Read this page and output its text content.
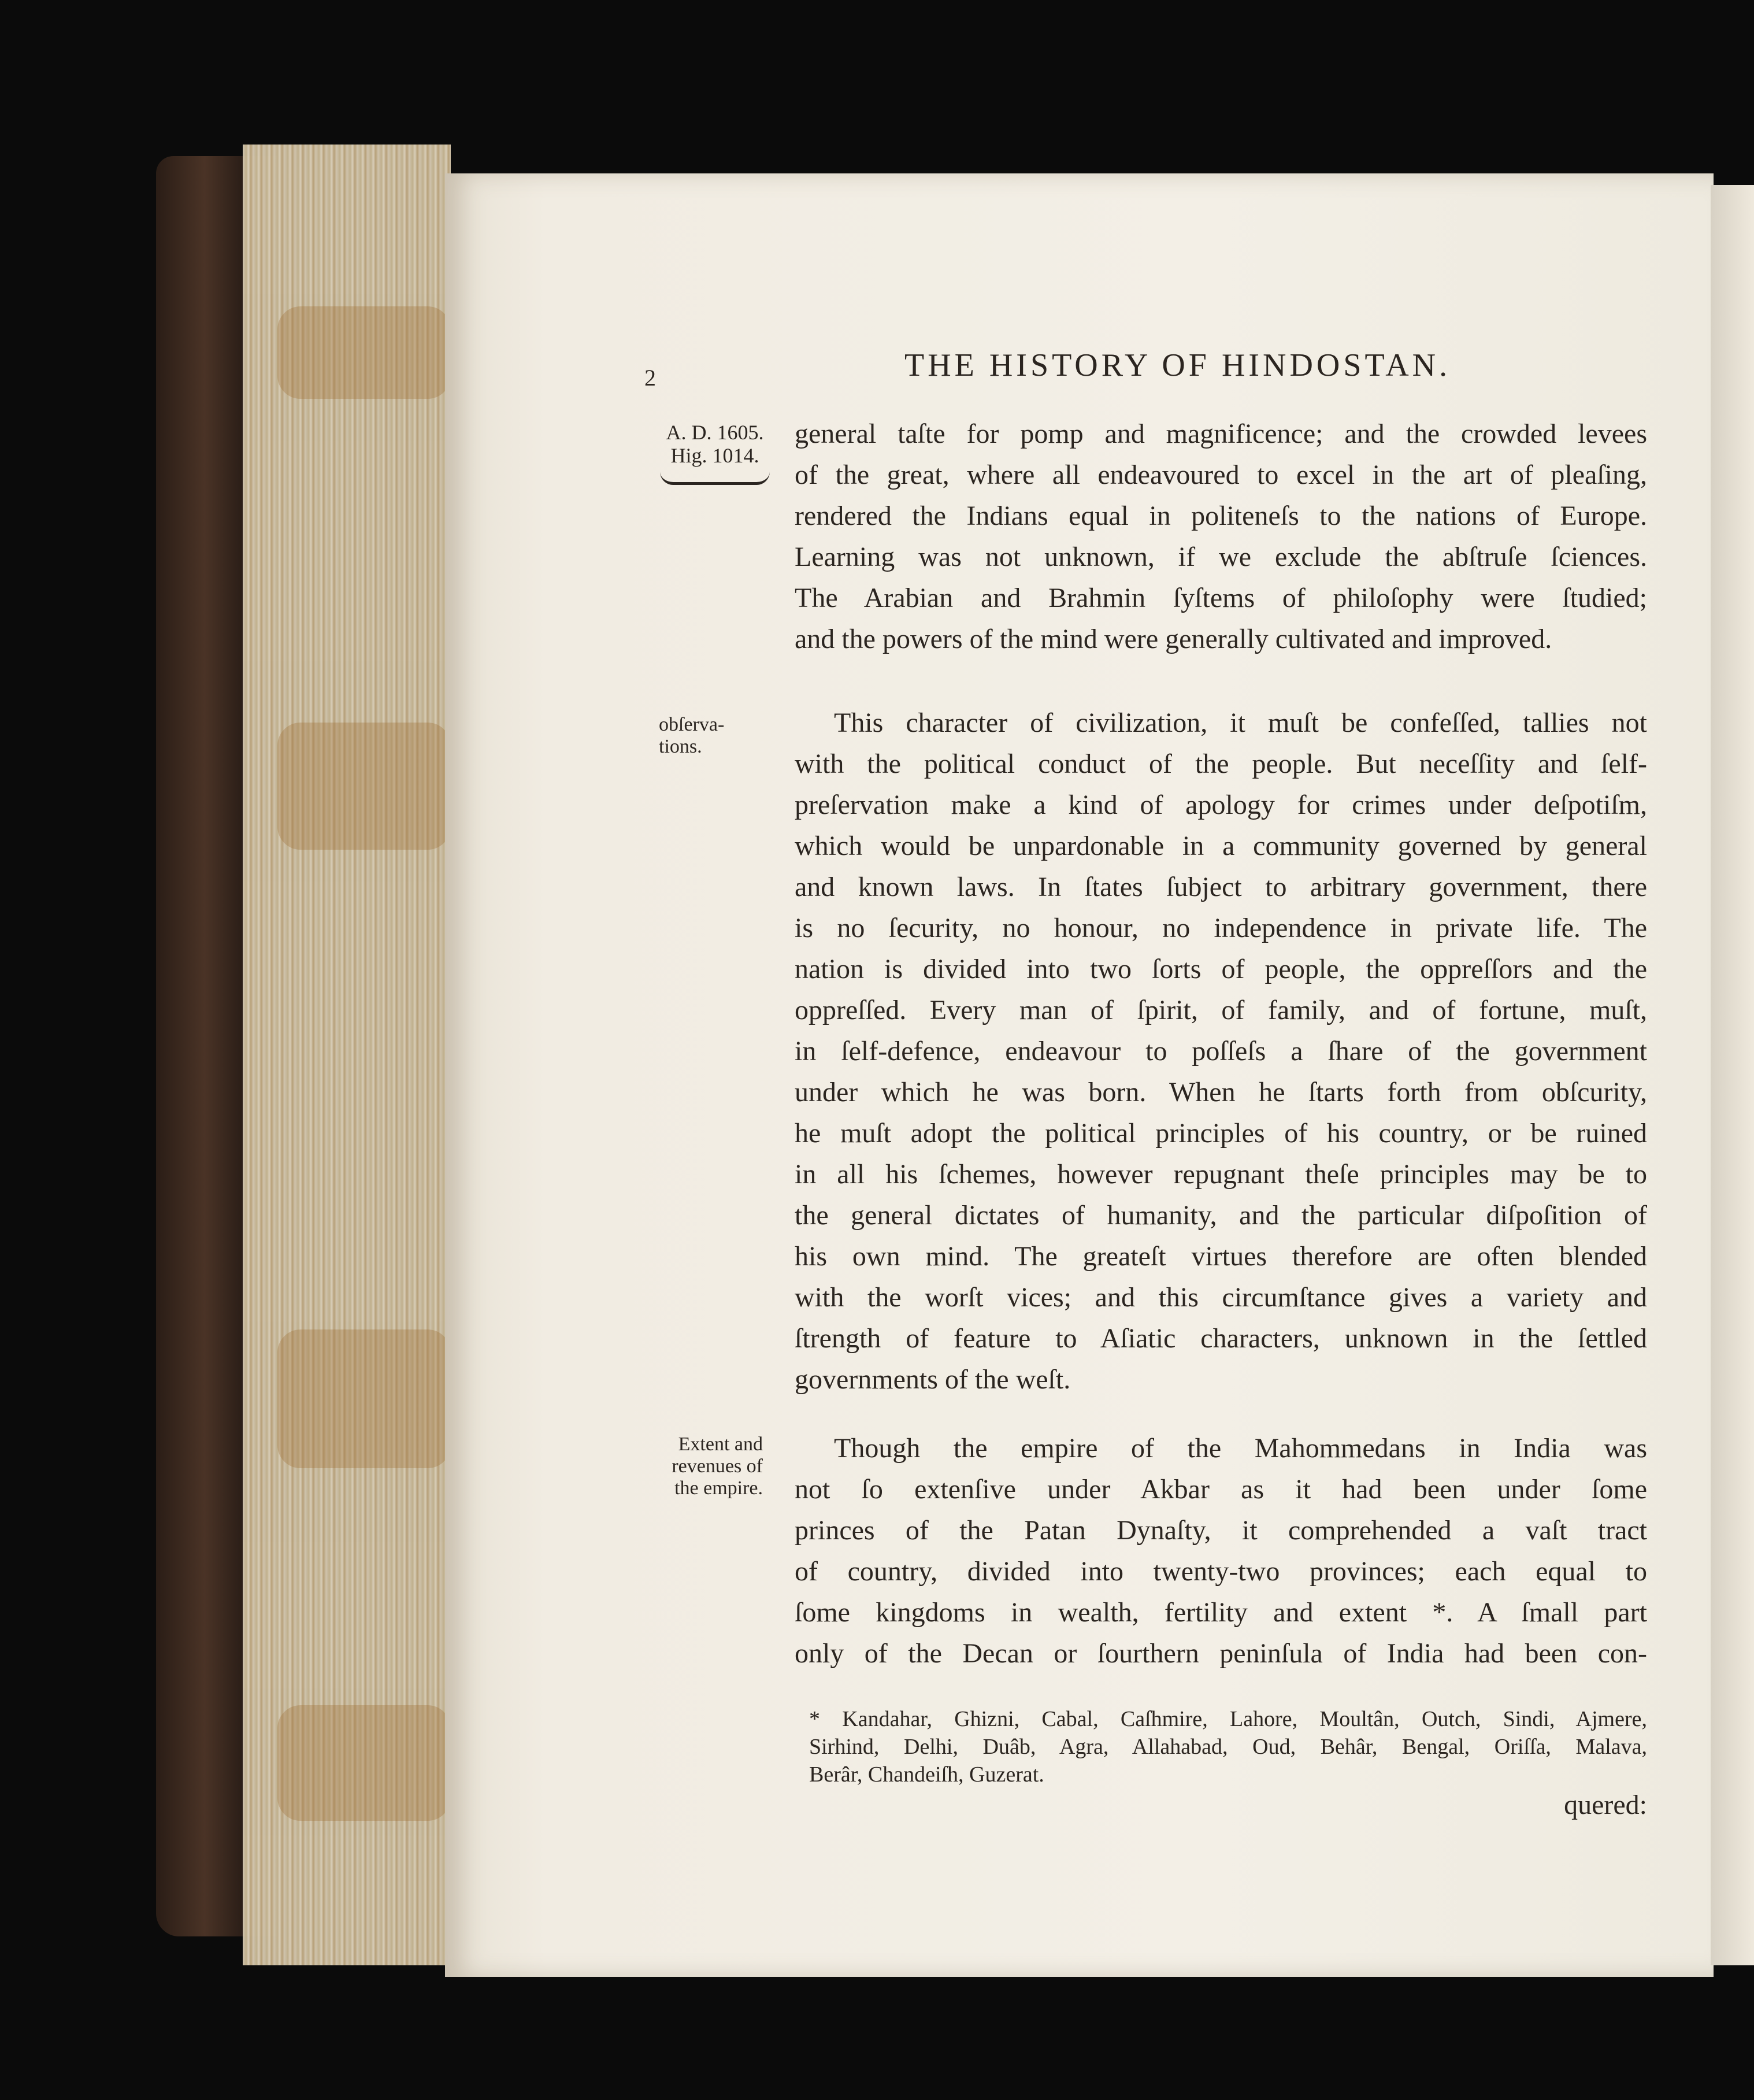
2	THE HISTORY OF HINDOSTAN.
A. D. 1605.
Hig. 1014.
obſerva-
tions.
Extent and
revenues of
the empire.
general taſte for pomp and magnificence; and the crowded levees
of the great, where all endeavoured to excel in the art of pleaſing,
rendered the Indians equal in politeneſs to the nations of Europe.
Learning was not unknown, if we exclude the abſtruſe ſciences.
The Arabian and Brahmin ſyſtems of philoſophy were ſtudied;
and the powers of the mind were generally cultivated and improved.
This character of civilization, it muſt be confeſſed, tallies not
with the political conduct of the people. But neceſſity and ſelf-
preſervation make a kind of apology for crimes under deſpotiſm,
which would be unpardonable in a community governed by general
and known laws. In ſtates ſubject to arbitrary government, there
is no ſecurity, no honour, no independence in private life. The
nation is divided into two ſorts of people, the oppreſſors and the
oppreſſed. Every man of ſpirit, of family, and of fortune, muſt,
in ſelf-defence, endeavour to poſſeſs a ſhare of the government
under which he was born. When he ſtarts forth from obſcurity,
he muſt adopt the political principles of his country, or be ruined
in all his ſchemes, however repugnant theſe principles may be to
the general dictates of humanity, and the particular diſpoſition of
his own mind. The greateſt virtues therefore are often blended
with the worſt vices; and this circumſtance gives a variety and
ſtrength of feature to Aſiatic characters, unknown in the ſettled
governments of the weſt.
Though the empire of the Mahommedans in India was
not ſo extenſive under Akbar as it had been under ſome
princes of the Patan Dynaſty, it comprehended a vaſt tract
of country, divided into twenty-two provinces; each equal to
ſome kingdoms in wealth, fertility and extent *. A ſmall part
only of the Decan or ſourthern peninſula of India had been con-
* Kandahar, Ghizni, Cabal, Caſhmire, Lahore, Moultân, Outch, Sindi, Ajmere,
Sirhind, Delhi, Duâb, Agra, Allahabad, Oud, Behâr, Bengal, Oriſſa, Malava,
Berâr, Chandeiſh, Guzerat.
quered:
